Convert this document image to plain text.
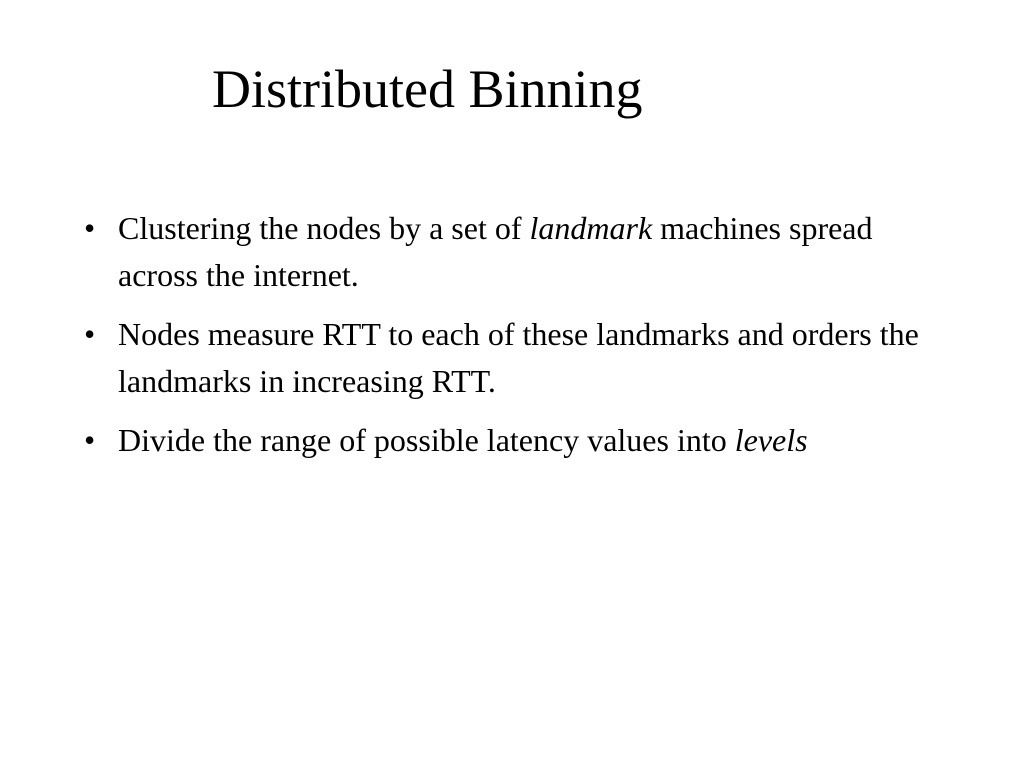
Distributed Binning
• Clustering the nodes by a set of landmark machines spread across the internet.
• Nodes measure RTT to each of these landmarks and orders the landmarks in increasing RTT.
• Divide the range of possible latency values into levels
